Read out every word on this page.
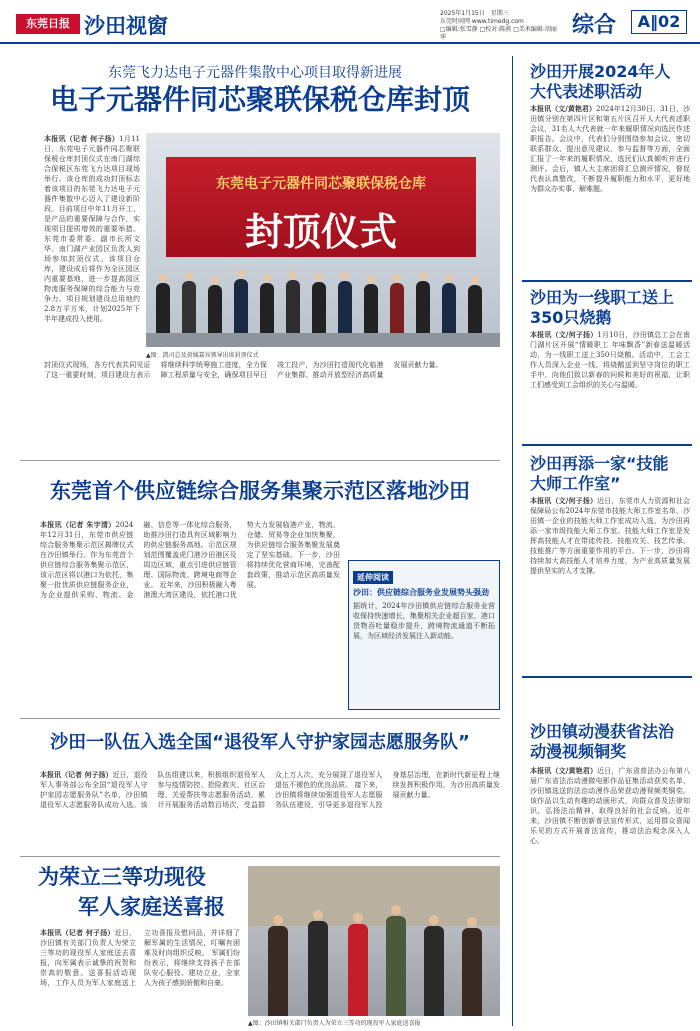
东莞日报 沙田视窗
2025年1月15日　星期三
东莞时间网 www.timedg.com
□编辑:张雪静 □校对:陈燕 □美术编辑:胡丽华	综合	A‖02
东莞飞力达电子元器件集散中心项目取得新进展
电子元器件同芯聚联保税仓库封顶
本报讯（记者 何子扬）1月11日，东莞电子元器件同芯聚联保税仓库封顶仪式在南门湖综合保税区东莞飞力达项目现场举行。该仓库的成功封顶标志着该项目的东莞飞力达电子元器件集散中心迈入了建设新阶段。目前项目中年11月开工，是产品的重要保障与合作，实现项目提质增效的重要举措。东莞市委常委、副市长所文华、南门湖产业园区负责人到场参加封顶仪式。该项目仓库，建设成后将作为全区园区内重要基地，进一步提高园区物流服务保障的综合能力与竞争力。项目规划建设总用地约2.8万平方米，计划2025年下半年建成投入使用。
东莞电子元器件同芯聚联保税仓库
封顶仪式
▲图：凯司总及黄姨嘉宾领导出席封顶仪式
封顶仪式现场，各方代表共同见证了这一重要时刻，项目建设方表示将继续科学统筹施工进度，全力保障工程质量与安全，确保项目早日竣工投产，为沙田打造现代化临港产业集群、推动开放型经济高质量发展贡献力量。
东莞首个供应链综合服务集聚示范区落地沙田
本报讯（记者 朱宇清）2024年12月31日，东莞市供应链综合服务集聚示范区揭牌仪式在沙田镇举行。作为东莞首个供应链综合服务集聚示范区，该示范区将以港口为依托，集聚一批优质供应链服务企业，为企业提供采购、物流、金融、信息等一体化综合服务，助推沙田打造具有区域影响力的供应链服务高地。示范区规划范围覆盖虎门港沙田港区及周边区域，重点引进供应链管理、国际物流、跨境电商等企业。 近年来，沙田积极融入粤港澳大湾区建设，依托港口优势大力发展临港产业，物流、仓储、贸易等企业加快集聚，为供应链综合服务集聚发展奠定了坚实基础。下一步，沙田将持续优化营商环境，完善配套政策，推动示范区高质量发展。
延伸阅读
沙田：供应链综合服务业发展势头强劲
据统计，2024年沙田镇供应链综合服务业营收保持快速增长，集聚相关企业超百家，港口货物吞吐量稳步提升，跨境物流通道不断拓展，为区域经济发展注入新动能。
沙田一队伍入选全国“退役军人守护家园志愿服务队”
本报讯（记者 何子扬）近日，退役军人事务部公布全国“退役军人守护家园志愿服务队”名单，沙田镇退役军人志愿服务队成功入选。该队伍组建以来，积极组织退役军人参与疫情防控、抢险救灾、社区治理、关爱帮扶等志愿服务活动，累计开展服务活动数百场次，受益群众上万人次，充分展现了退役军人退伍不褪色的优良品质。 接下来，沙田镇将继续加强退役军人志愿服务队伍建设，引导更多退役军人投身基层治理，在新时代新征程上继续发挥积极作用，为沙田高质量发展贡献力量。
为荣立三等功现役
军人家庭送喜报
本报讯（记者 何子扬）近日，沙田镇有关部门负责人为荣立三等功的现役军人家庭送去喜报，向军属表示诚挚的祝贺和崇高的敬意。送喜报活动现场，工作人员为军人家庭送上立功喜报及慰问品，并详细了解军属的生活情况，叮嘱有困难及时向组织反映。 军属们纷纷表示，将继续支持孩子在部队安心服役、建功立业，全家人为孩子感到骄傲和自豪。
▲图：沙田镇相关部门负责人为荣立三等功的现役军人家庭送喜报
沙田开展2024年人大代表述职活动
本报讯（文/黄艳君）2024年12月30日、31日，沙田镇分别在第四片区和第五片区召开人大代表述职会议，31名人大代表就一年来履职情况向选民作述职报告。会议中，代表们分别围绕参加会议、密切联系群众、提出意见建议、参与监督等方面，全面汇报了一年来的履职情况，选民们认真倾听并进行测评。会后，镇人大主席团将汇总测评情况，督促代表认真整改，不断提升履职能力和水平，更好地为群众办实事、解难题。
沙田为一线职工送上350只烧鹅
本报讯（文/何子扬）1月10日，沙田镇总工会在南门湖片区开展“情暖职工 年味飘香”新春送温暖活动，为一线职工送上350只烧鹅。活动中，工会工作人员深入企业一线，将烧鹅送到坚守岗位的职工手中，向他们致以新春的问候和美好的祝福，让职工们感受到工会组织的关心与温暖。
沙田再添一家“技能大师工作室”
本报讯（文/何子扬）近日，东莞市人力资源和社会保障局公布2024年东莞市技能大师工作室名单，沙田镇一企业的技能大师工作室成功入选，为沙田再添一家市级技能大师工作室。技能大师工作室是发挥高技能人才在带徒传技、技能攻关、技艺传承、技能推广等方面重要作用的平台。下一步，沙田将持续加大高技能人才培养力度，为产业高质量发展提供坚实的人才支撑。
沙田镇动漫获省法治动漫视频铜奖
本报讯（文/黄艳君）近日，广东省普法办公布第八届广东省法治动漫微电影作品征集活动获奖名单，沙田镇选送的法治动漫作品荣获动漫视频类铜奖。该作品以生动有趣的动画形式，向群众普及法律知识，弘扬法治精神，取得良好的社会反响。近年来，沙田镇不断创新普法宣传形式，运用群众喜闻乐见的方式开展普法宣传，推动法治观念深入人心。
